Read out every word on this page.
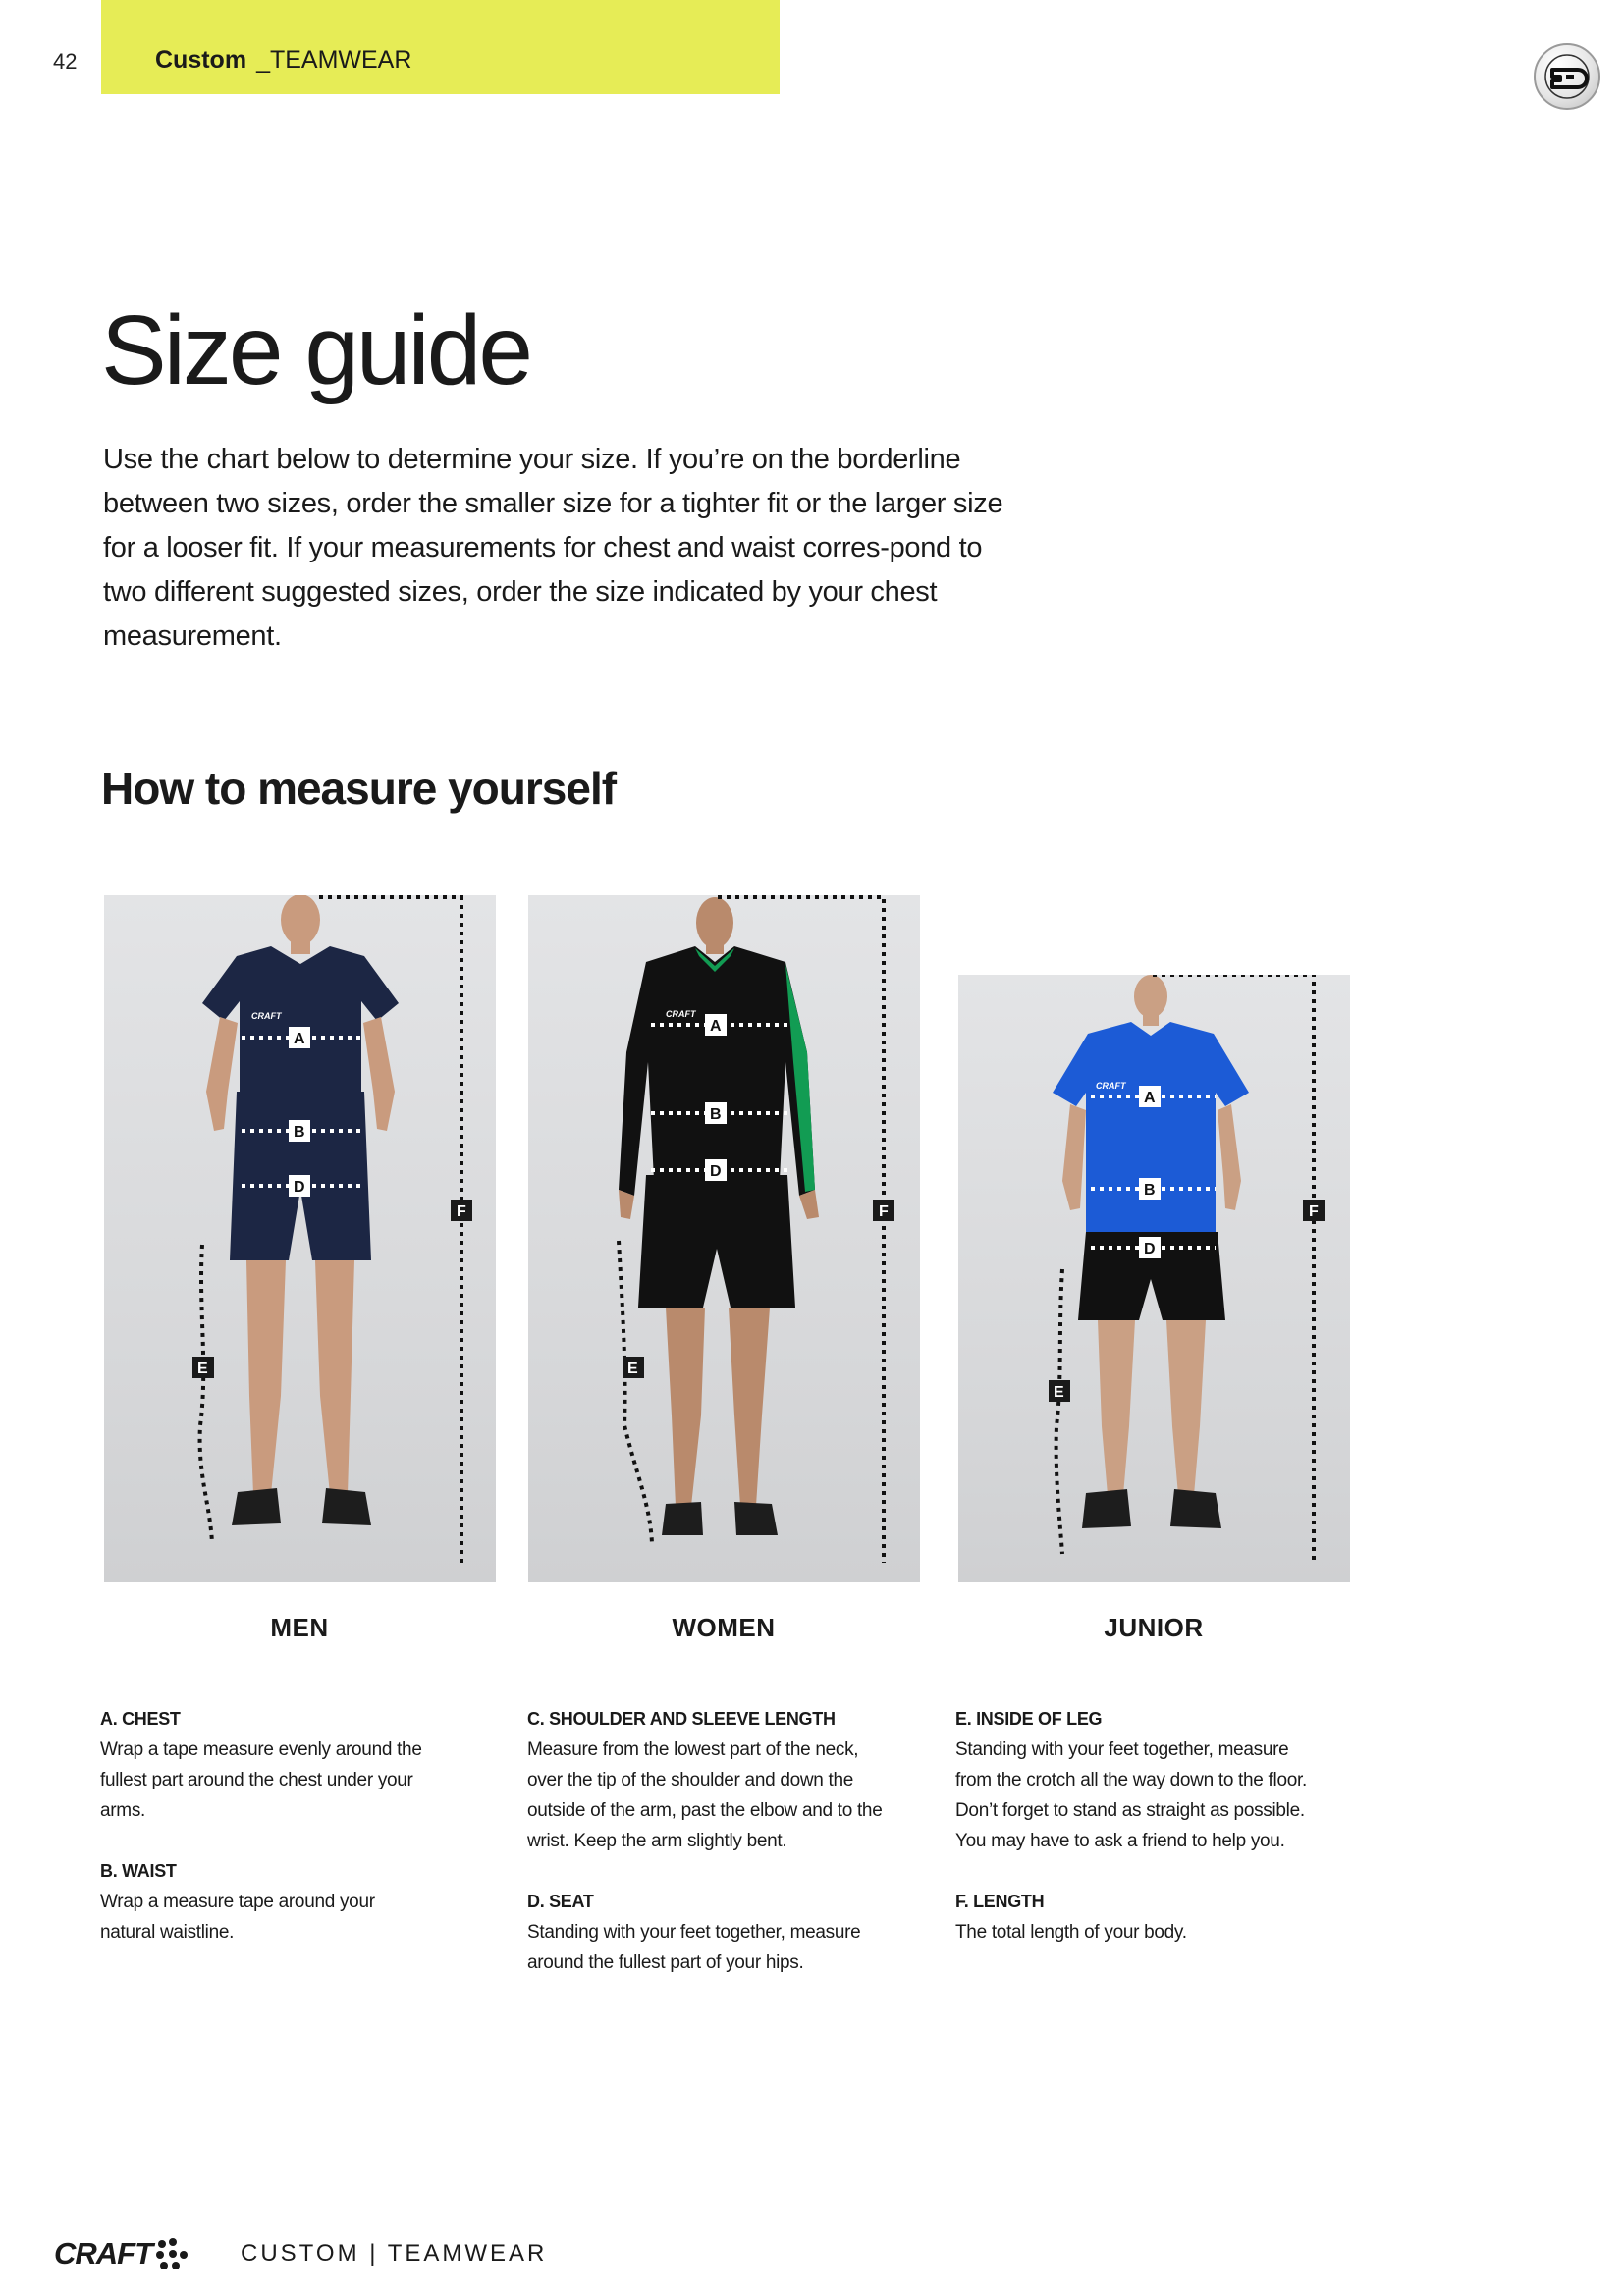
42	Custom _TEAMWEAR
Size guide

Use the chart below to determine your size. If you’re on the borderline between two sizes, order the smaller size for a tighter fit or the larger size for a looser fit. If your measurements for chest and waist corres-pond to two different suggested sizes, order the size indicated by your chest measurement.

How to measure yourself
CRAFT
A
B
D
E
F
CRAFT
A
B
D
E
F
CRAFT
A
B
D
E
F
MEN	WOMEN	JUNIOR
A. CHEST
Wrap a tape measure evenly around the
fullest part around the chest under your
arms.
B. WAIST
Wrap a measure tape around your
natural waistline.
C. SHOULDER AND SLEEVE LENGTH
Measure from the lowest part of the neck,
over the tip of the shoulder and down the
outside of the arm, past the elbow and to the
wrist. Keep the arm slightly bent.
D. SEAT
Standing with your feet together, measure
around the fullest part of your hips.
E. INSIDE OF LEG
Standing with your feet together, measure
from the crotch all the way down to the floor.
Don’t forget to stand as straight as possible.
You may have to ask a friend to help you.
F. LENGTH
The total length of your body.
CRAFT	CUSTOM | TEAMWEAR
